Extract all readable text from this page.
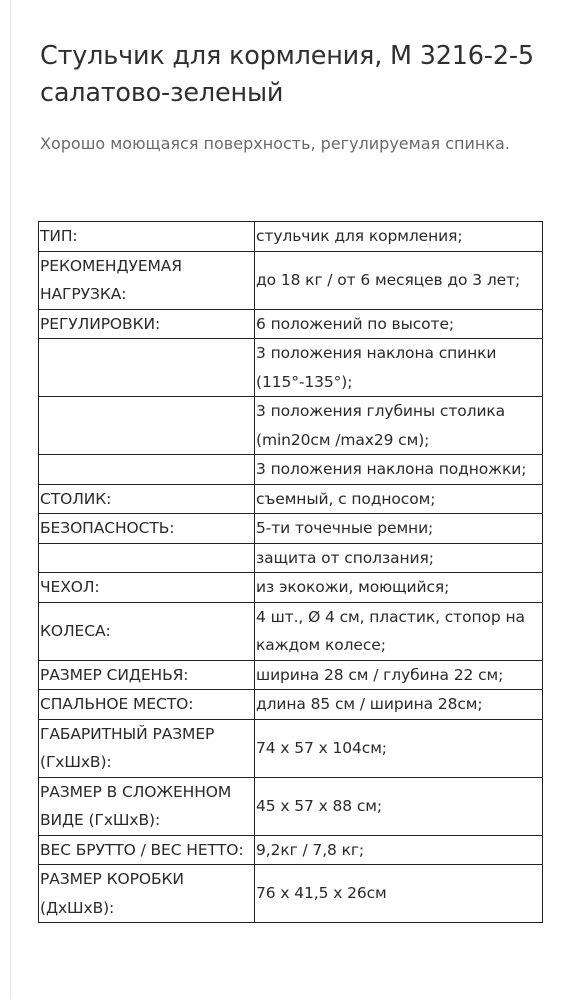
Стульчик для кормления, М 3216-2-5 салатово-зеленый

Хорошо моющаяся поверхность, регулируемая спинка.

ТИП:	стульчик для кормления;
РЕКОМЕНДУЕМАЯ НАГРУЗКА:	до 18 кг / от 6 месяцев до 3 лет;
РЕГУЛИРОВКИ:	6 положений по высоте;
	3 положения наклона спинки (115°-135°);
	3 положения глубины столика (min20см /max29 см);
	3 положения наклона подножки;
СТОЛИК:	съемный, с подносом;
БЕЗОПАСНОСТЬ:	5-ти точечные ремни;
	защита от сползания;
ЧЕХОЛ:	из экокожи, моющийся;
КОЛЕСА:	4 шт., Ø 4 см, пластик, стопор на каждом колесе;
РАЗМЕР СИДЕНЬЯ:	ширина 28 см / глубина 22 см;
СПАЛЬНОЕ МЕСТО:	длина 85 см / ширина 28см;
ГАБАРИТНЫЙ РАЗМЕР (ГхШхВ):	74 х 57 х 104см;
РАЗМЕР В СЛОЖЕННОМ ВИДЕ (ГхШхВ):	45 х 57 х 88 см;
ВЕС БРУТТО / ВЕС НЕТТО:	9,2кг / 7,8 кг;
РАЗМЕР КОРОБКИ (ДхШхВ):	76 х 41,5 х 26см
